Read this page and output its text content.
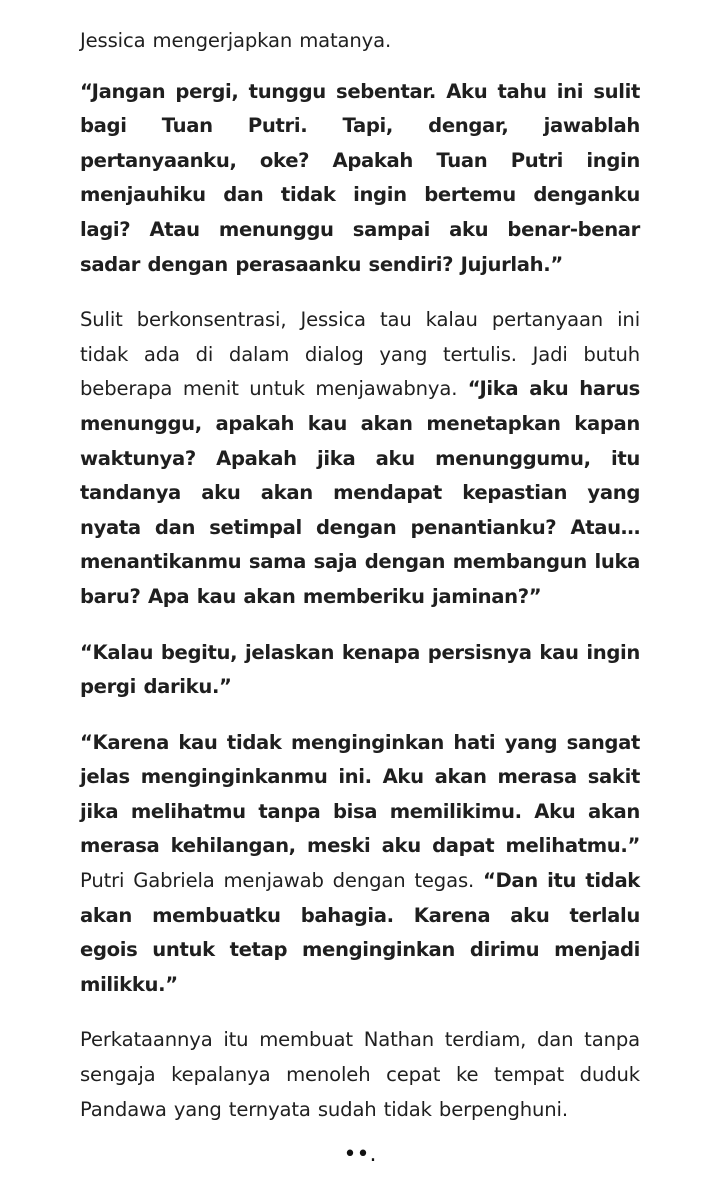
Jessica mengerjapkan matanya.

“Jangan pergi, tunggu sebentar. Aku tahu ini sulit bagi Tuan Putri. Tapi, dengar, jawablah pertanyaanku, oke? Apakah Tuan Putri ingin menjauhiku dan tidak ingin bertemu denganku lagi? Atau menunggu sampai aku benar-benar sadar dengan perasaanku sendiri? Jujurlah.”

Sulit berkonsentrasi, Jessica tau kalau pertanyaan ini tidak ada di dalam dialog yang tertulis. Jadi butuh beberapa menit untuk menjawabnya. “Jika aku harus menunggu, apakah kau akan menetapkan kapan waktunya? Apakah jika aku menunggumu, itu tandanya aku akan mendapat kepastian yang nyata dan setimpal dengan penantianku? Atau… menantikanmu sama saja dengan membangun luka baru? Apa kau akan memberiku jaminan?”

“Kalau begitu, jelaskan kenapa persisnya kau ingin pergi dariku.”

“Karena kau tidak menginginkan hati yang sangat jelas menginginkanmu ini. Aku akan merasa sakit jika melihatmu tanpa bisa memilikimu. Aku akan merasa kehilangan, meski aku dapat melihatmu.” Putri Gabriela menjawab dengan tegas. “Dan itu tidak akan membuatku bahagia. Karena aku terlalu egois untuk tetap menginginkan dirimu menjadi milikku.”

Perkataannya itu membuat Nathan terdiam, dan tanpa sengaja kepalanya menoleh cepat ke tempat duduk Pandawa yang ternyata sudah tidak berpenghuni.

••.
